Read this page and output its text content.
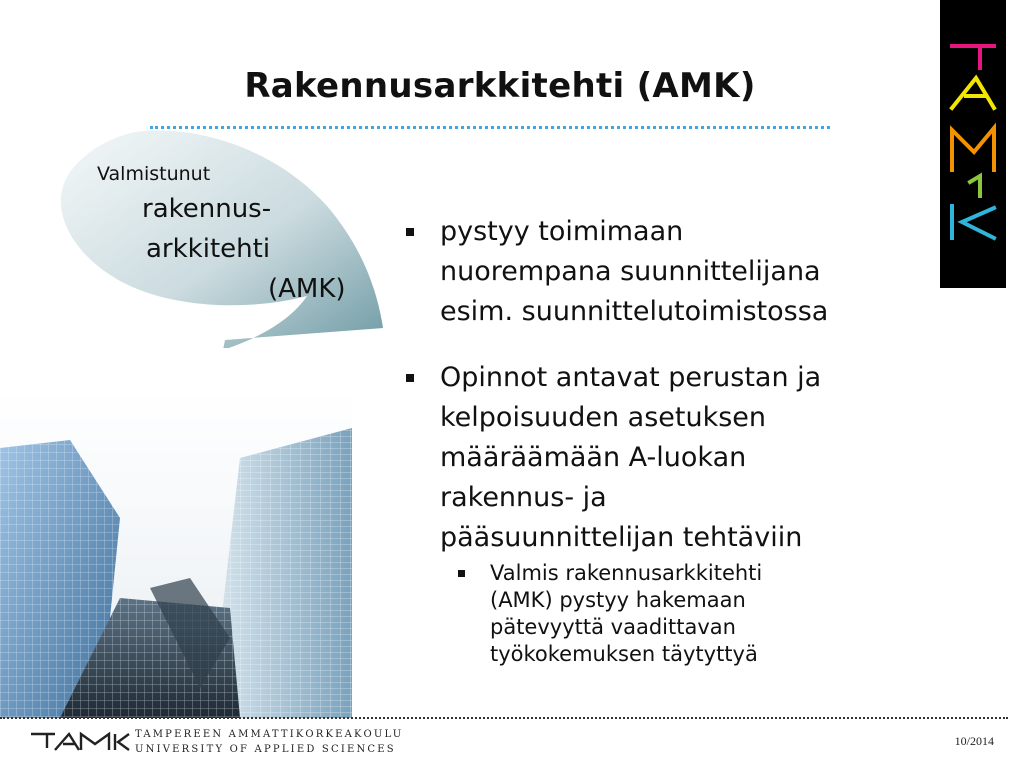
Rakennusarkkitehti (AMK)
Valmistunut
rakennus-
arkkitehti
(AMK)
pystyy toimimaan
nuorempana suunnittelijana
esim. suunnittelutoimistossa
Opinnot antavat perustan ja
kelpoisuuden asetuksen
määräämään A-luokan
rakennus- ja
pääsuunnittelijan tehtäviin
Valmis rakennusarkkitehti
(AMK) pystyy hakemaan
pätevyyttä vaadittavan
työkokemuksen täytyttyä
TAMPEREEN AMMATTIKORKEAKOULU
UNIVERSITY OF APPLIED SCIENCES
10/2014
